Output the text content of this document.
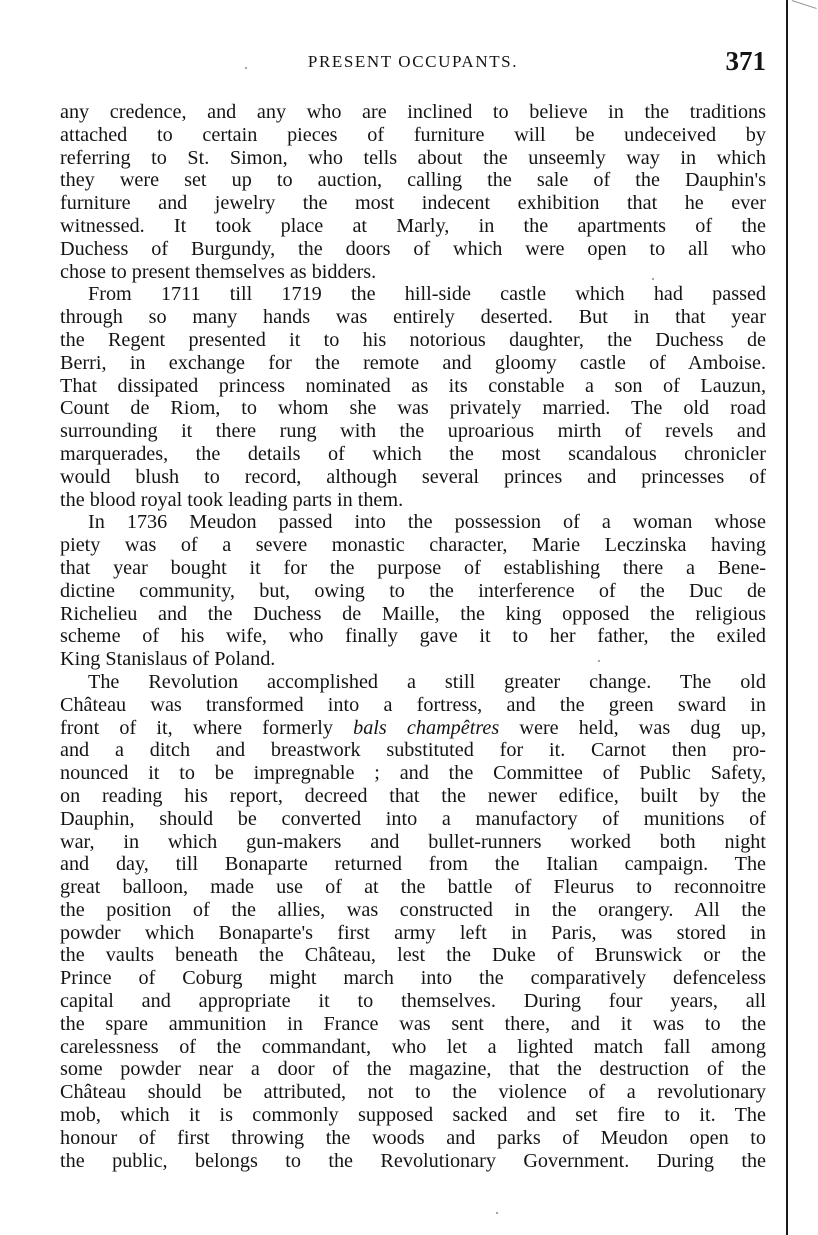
PRESENT OCCUPANTS.	371
any credence, and any who are inclined to believe in the traditions
attached to certain pieces of furniture will be undeceived by
referring to St. Simon, who tells about the unseemly way in which
they were set up to auction, calling the sale of the Dauphin's
furniture and jewelry the most indecent exhibition that he ever
witnessed. It took place at Marly, in the apartments of the
Duchess of Burgundy, the doors of which were open to all who
chose to present themselves as bidders.
From 1711 till 1719 the hill-side castle which had passed
through so many hands was entirely deserted. But in that year
the Regent presented it to his notorious daughter, the Duchess de
Berri, in exchange for the remote and gloomy castle of Amboise.
That dissipated princess nominated as its constable a son of Lauzun,
Count de Riom, to whom she was privately married. The old road
surrounding it there rung with the uproarious mirth of revels and
marquerades, the details of which the most scandalous chronicler
would blush to record, although several princes and princesses of
the blood royal took leading parts in them.
In 1736 Meudon passed into the possession of a woman whose
piety was of a severe monastic character, Marie Leczinska having
that year bought it for the purpose of establishing there a Bene-
dictine community, but, owing to the interference of the Duc de
Richelieu and the Duchess de Maille, the king opposed the religious
scheme of his wife, who finally gave it to her father, the exiled
King Stanislaus of Poland.
The Revolution accomplished a still greater change. The old
Château was transformed into a fortress, and the green sward in
front of it, where formerly bals champêtres were held, was dug up,
and a ditch and breastwork substituted for it. Carnot then pro-
nounced it to be impregnable ; and the Committee of Public Safety,
on reading his report, decreed that the newer edifice, built by the
Dauphin, should be converted into a manufactory of munitions of
war, in which gun-makers and bullet-runners worked both night
and day, till Bonaparte returned from the Italian campaign. The
great balloon, made use of at the battle of Fleurus to reconnoitre
the position of the allies, was constructed in the orangery. All the
powder which Bonaparte's first army left in Paris, was stored in
the vaults beneath the Château, lest the Duke of Brunswick or the
Prince of Coburg might march into the comparatively defenceless
capital and appropriate it to themselves. During four years, all
the spare ammunition in France was sent there, and it was to the
carelessness of the commandant, who let a lighted match fall among
some powder near a door of the magazine, that the destruction of the
Château should be attributed, not to the violence of a revolutionary
mob, which it is commonly supposed sacked and set fire to it. The
honour of first throwing the woods and parks of Meudon open to
the public, belongs to the Revolutionary Government. During the
